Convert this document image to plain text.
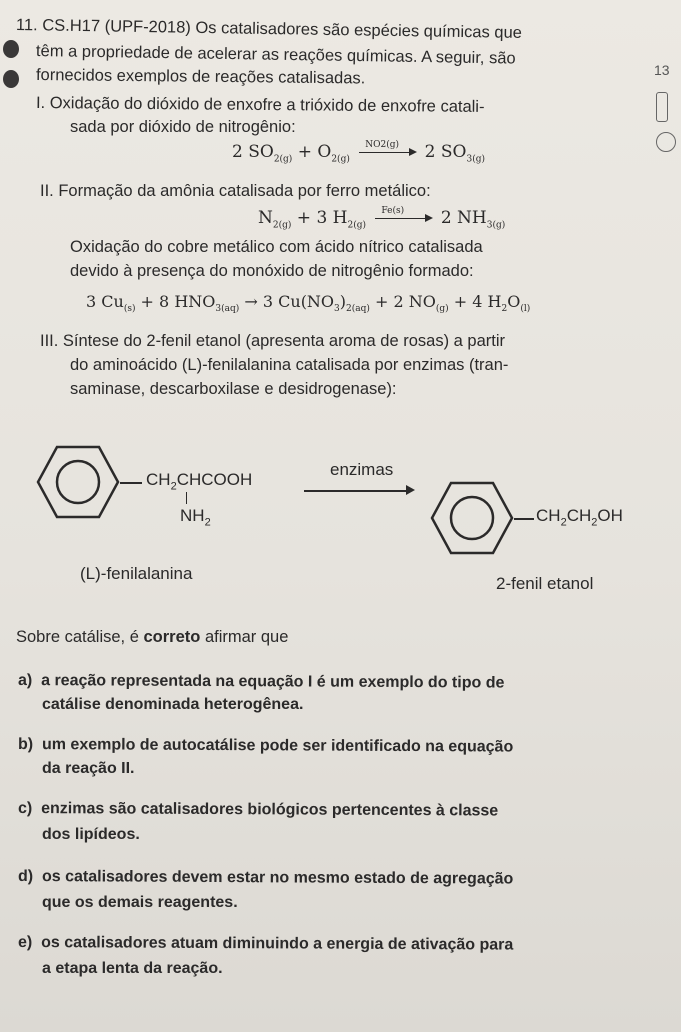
11. CS.H17 (UPF-2018) Os catalisadores são espécies químicas que
têm a propriedade de acelerar as reações químicas. A seguir, são
fornecidos exemplos de reações catalisadas.	13
I. Oxidação do dióxido de enxofre a trióxido de enxofre catali-
sada por dióxido de nitrogênio:
2 $SO_{2(g)} + O_{2(g)}$
NO2(g) 2 $SO_{3(g)}$
II. Formação da amônia catalisada por ferro metálico:
$N_{2(g)} + 3$ $H_{2(g)}$
Fe(s) 2 $NH_{3(g)}$
Oxidação do cobre metálico com ácido nítrico catalisada
devido à presença do monóxido de nitrogênio formado:
3 $Cu_{(s)} + 8$ $HNO_{3(aq)} \to 3$ $Cu(NO_3)_{2(aq)} + 2$ $NO_{(g)} + 4$ $H_2O_{(l)}$
III. Síntese do 2-fenil etanol (apresenta aroma de rosas) a partir
do aminoácido (L)-fenilalanina catalisada por enzimas (tran-
saminase, descarboxilase e desidrogenase):
$CH_2CHCOOH$
$NH_2$
enzimas
$CH_2CH_2OH$
(L)-fenilalanina
2-fenil etanol
Sobre catálise, é correto afirmar que
a) a reação representada na equação I é um exemplo do tipo de
catálise denominada heterogênea.
b) um exemplo de autocatálise pode ser identificado na equação
da reação II.
c) enzimas são catalisadores biológicos pertencentes à classe
dos lipídeos.
d) os catalisadores devem estar no mesmo estado de agregação
que os demais reagentes.
e) os catalisadores atuam diminuindo a energia de ativação para
a etapa lenta da reação.
